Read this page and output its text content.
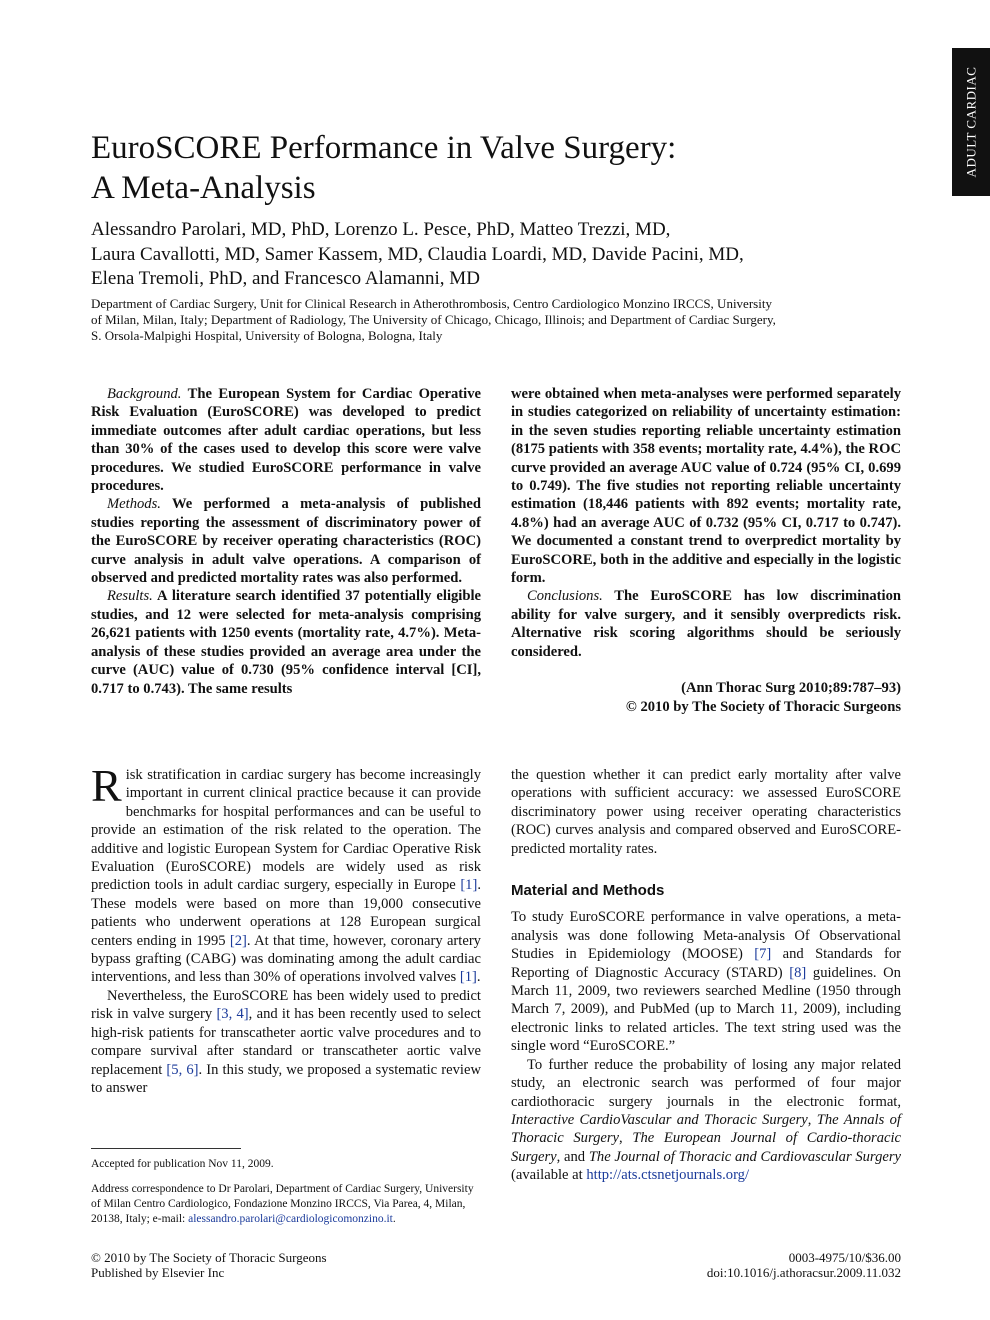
ADULT CARDIAC
EuroSCORE Performance in Valve Surgery:
A Meta-Analysis
Alessandro Parolari, MD, PhD, Lorenzo L. Pesce, PhD, Matteo Trezzi, MD,
Laura Cavallotti, MD, Samer Kassem, MD, Claudia Loardi, MD, Davide Pacini, MD,
Elena Tremoli, PhD, and Francesco Alamanni, MD
Department of Cardiac Surgery, Unit for Clinical Research in Atherothrombosis, Centro Cardiologico Monzino IRCCS, University
of Milan, Milan, Italy; Department of Radiology, The University of Chicago, Chicago, Illinois; and Department of Cardiac Surgery,
S. Orsola-Malpighi Hospital, University of Bologna, Bologna, Italy

Background. The European System for Cardiac Operative Risk Evaluation (EuroSCORE) was developed to predict immediate outcomes after adult cardiac operations, but less than 30% of the cases used to develop this score were valve procedures. We studied EuroSCORE performance in valve procedures.

Methods. We performed a meta-analysis of published studies reporting the assessment of discriminatory power of the EuroSCORE by receiver operating characteristics (ROC) curve analysis in adult valve operations. A comparison of observed and predicted mortality rates was also performed.

Results. A literature search identified 37 potentially eligible studies, and 12 were selected for meta-analysis comprising 26,621 patients with 1250 events (mortality rate, 4.7%). Meta-analysis of these studies provided an average area under the curve (AUC) value of 0.730 (95% confidence interval [CI], 0.717 to 0.743). The same results

were obtained when meta-analyses were performed separately in studies categorized on reliability of uncertainty estimation: in the seven studies reporting reliable uncertainty estimation (8175 patients with 358 events; mortality rate, 4.4%), the ROC curve provided an average AUC value of 0.724 (95% CI, 0.699 to 0.749). The five studies not reporting reliable uncertainty estimation (18,446 patients with 892 events; mortality rate, 4.8%) had an average AUC of 0.732 (95% CI, 0.717 to 0.747). We documented a constant trend to overpredict mortality by EuroSCORE, both in the additive and especially in the logistic form.

Conclusions. The EuroSCORE has low discrimination ability for valve surgery, and it sensibly overpredicts risk. Alternative risk scoring algorithms should be seriously considered.

(Ann Thorac Surg 2010;89:787–93)
© 2010 by The Society of Thoracic Surgeons

Risk stratification in cardiac surgery has become increasingly important in current clinical practice because it can provide benchmarks for hospital performances and can be useful to provide an estimation of the risk related to the operation. The additive and logistic European System for Cardiac Operative Risk Evaluation (EuroSCORE) models are widely used as risk prediction tools in adult cardiac surgery, especially in Europe [1]. These models were based on more than 19,000 consecutive patients who underwent operations at 128 European surgical centers ending in 1995 [2]. At that time, however, coronary artery bypass grafting (CABG) was dominating among the adult cardiac interventions, and less than 30% of operations involved valves [1].

Nevertheless, the EuroSCORE has been widely used to predict risk in valve surgery [3, 4], and it has been recently used to select high-risk patients for transcatheter aortic valve procedures and to compare survival after standard or transcatheter aortic valve replacement [5, 6]. In this study, we proposed a systematic review to answer

the question whether it can predict early mortality after valve operations with sufficient accuracy: we assessed EuroSCORE discriminatory power using receiver operating characteristics (ROC) curves analysis and compared observed and EuroSCORE-predicted mortality rates.

Material and Methods

To study EuroSCORE performance in valve operations, a meta-analysis was done following Meta-analysis Of Observational Studies in Epidemiology (MOOSE) [7] and Standards for Reporting of Diagnostic Accuracy (STARD) [8] guidelines. On March 11, 2009, two reviewers searched Medline (1950 through March 7, 2009), and PubMed (up to March 11, 2009), including electronic links to related articles. The text string used was the single word “EuroSCORE.”

To further reduce the probability of losing any major related study, an electronic search was performed of four major cardiothoracic surgery journals in the electronic format, Interactive CardioVascular and Thoracic Surgery, The Annals of Thoracic Surgery, The European Journal of Cardio-thoracic Surgery, and The Journal of Thoracic and Cardiovascular Surgery (available at http://ats.ctsnetjournals.org/

Accepted for publication Nov 11, 2009.

Address correspondence to Dr Parolari, Department of Cardiac Surgery, University of Milan Centro Cardiologico, Fondazione Monzino IRCCS, Via Parea, 4, Milan, 20138, Italy; e-mail: alessandro.parolari@cardiologicomonzino.it.

© 2010 by The Society of Thoracic Surgeons
Published by Elsevier Inc
0003-4975/10/$36.00
doi:10.1016/j.athoracsur.2009.11.032
